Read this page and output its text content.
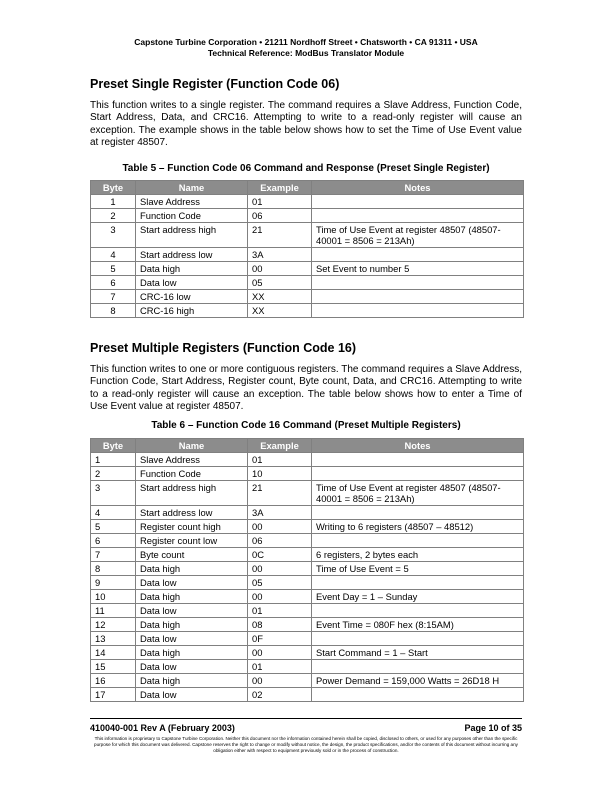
Capstone Turbine Corporation • 21211 Nordhoff Street • Chatsworth • CA 91311 • USA
Technical Reference: ModBus Translator Module
Preset Single Register (Function Code 06)
This function writes to a single register. The command requires a Slave Address, Function Code, Start Address, Data, and CRC16. Attempting to write to a read-only register will cause an exception. The example shows in the table below shows how to set the Time of Use Event value at register 48507.
Table 5 – Function Code 06 Command and Response (Preset Single Register)
Byte	Name	Example	Notes
1	Slave Address	01	
2	Function Code	06	
3	Start address high	21	Time of Use Event at register 48507 (48507-40001 = 8506 = 213Ah)
4	Start address low	3A	
5	Data high	00	Set Event to number 5
6	Data low	05	
7	CRC-16 low	XX	
8	CRC-16 high	XX	
Preset Multiple Registers (Function Code 16)
This function writes to one or more contiguous registers. The command requires a Slave Address, Function Code, Start Address, Register count, Byte count, Data, and CRC16. Attempting to write to a read-only register will cause an exception. The table below shows how to enter a Time of Use Event value at register 48507.
Table 6 – Function Code 16 Command (Preset Multiple Registers)
Byte	Name	Example	Notes
1	Slave Address	01	
2	Function Code	10	
3	Start address high	21	Time of Use Event at register 48507 (48507-40001 = 8506 = 213Ah)
4	Start address low	3A	
5	Register count high	00	Writing to 6 registers (48507 – 48512)
6	Register count low	06	
7	Byte count	0C	6 registers, 2 bytes each
8	Data high	00	Time of Use Event = 5
9	Data low	05	
10	Data high	00	Event Day = 1 – Sunday
11	Data low	01	
12	Data high	08	Event Time = 080F hex (8:15AM)
13	Data low	0F	
14	Data high	00	Start Command = 1 – Start
15	Data low	01	
16	Data high	00	Power Demand = 159,000 Watts = 26D18 H
17	Data low	02	
410040-001 Rev A (February 2003)	Page 10 of 35
This information is proprietary to Capstone Turbine Corporation. Neither this document nor the information contained herein shall be copied, disclosed to others, or used for any purposes other than the specific purpose for which this document was delivered. Capstone reserves the right to change or modify without notice, the design, the product specifications, and/or the contents of this document without incurring any obligation either with respect to equipment previously sold or in the process of construction.
